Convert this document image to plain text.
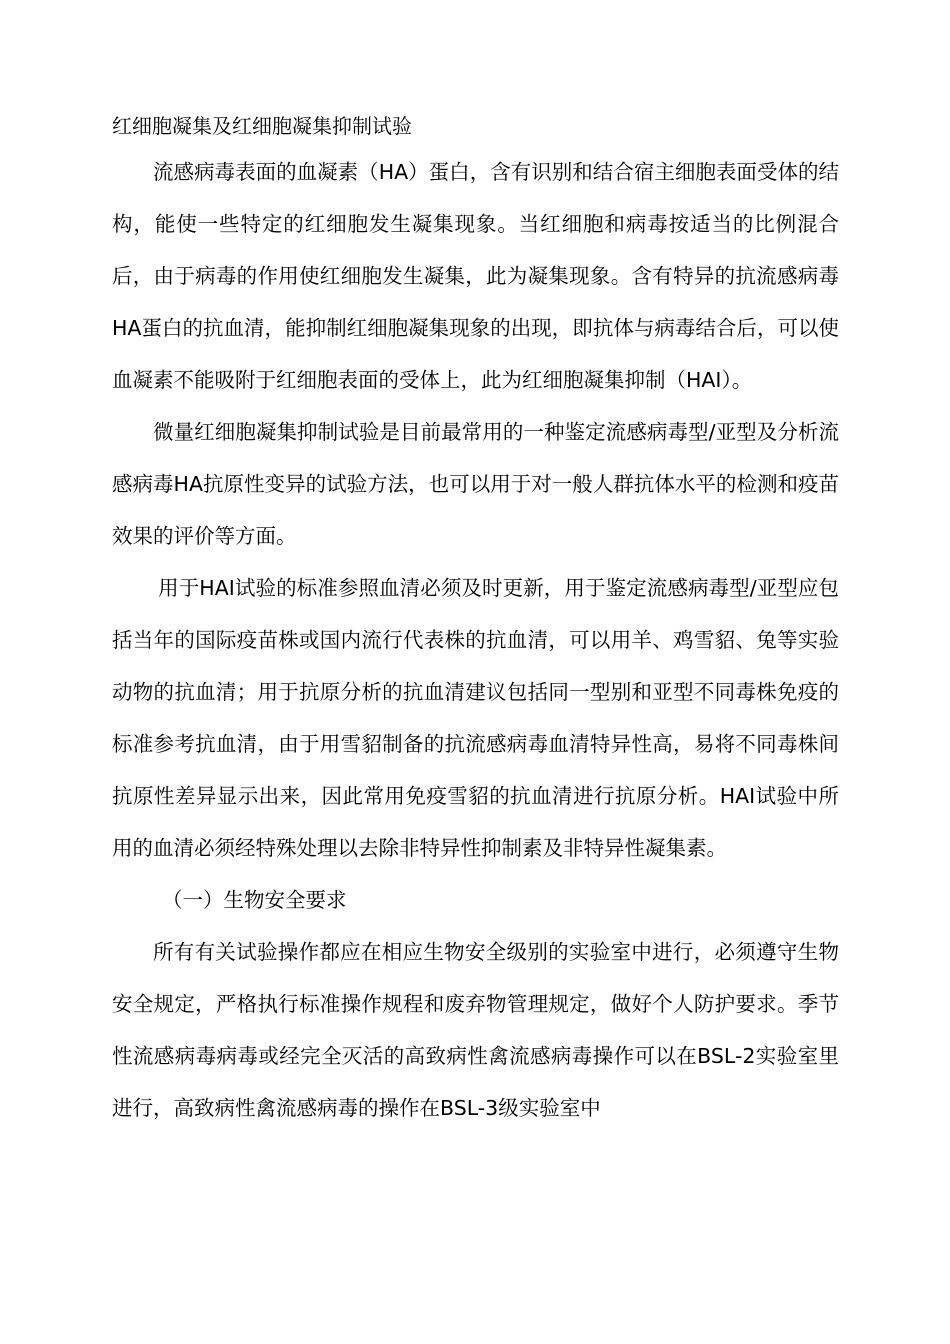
红细胞凝集及红细胞凝集抑制试验

流感病毒表面的血凝素（HA）蛋白，含有识别和结合宿主细胞表面受体的结构，能使一些特定的红细胞发生凝集现象。当红细胞和病毒按适当的比例混合后，由于病毒的作用使红细胞发生凝集，此为凝集现象。含有特异的抗流感病毒HA蛋白的抗血清，能抑制红细胞凝集现象的出现，即抗体与病毒结合后，可以使血凝素不能吸附于红细胞表面的受体上，此为红细胞凝集抑制（HAI）。

微量红细胞凝集抑制试验是目前最常用的一种鉴定流感病毒型/亚型及分析流感病毒HA抗原性变异的试验方法，也可以用于对一般人群抗体水平的检测和疫苗效果的评价等方面。

用于HAI试验的标准参照血清必须及时更新，用于鉴定流感病毒型/亚型应包括当年的国际疫苗株或国内流行代表株的抗血清，可以用羊、鸡雪貂、兔等实验动物的抗血清；用于抗原分析的抗血清建议包括同一型别和亚型不同毒株免疫的标准参考抗血清，由于用雪貂制备的抗流感病毒血清特异性高，易将不同毒株间抗原性差异显示出来，因此常用免疫雪貂的抗血清进行抗原分析。HAI试验中所用的血清必须经特殊处理以去除非特异性抑制素及非特异性凝集素。

（一）生物安全要求

所有有关试验操作都应在相应生物安全级别的实验室中进行，必须遵守生物安全规定，严格执行标准操作规程和废弃物管理规定，做好个人防护要求。季节性流感病毒病毒或经完全灭活的高致病性禽流感病毒操作可以在BSL-2实验室里进行，高致病性禽流感病毒的操作在BSL-3级实验室中
